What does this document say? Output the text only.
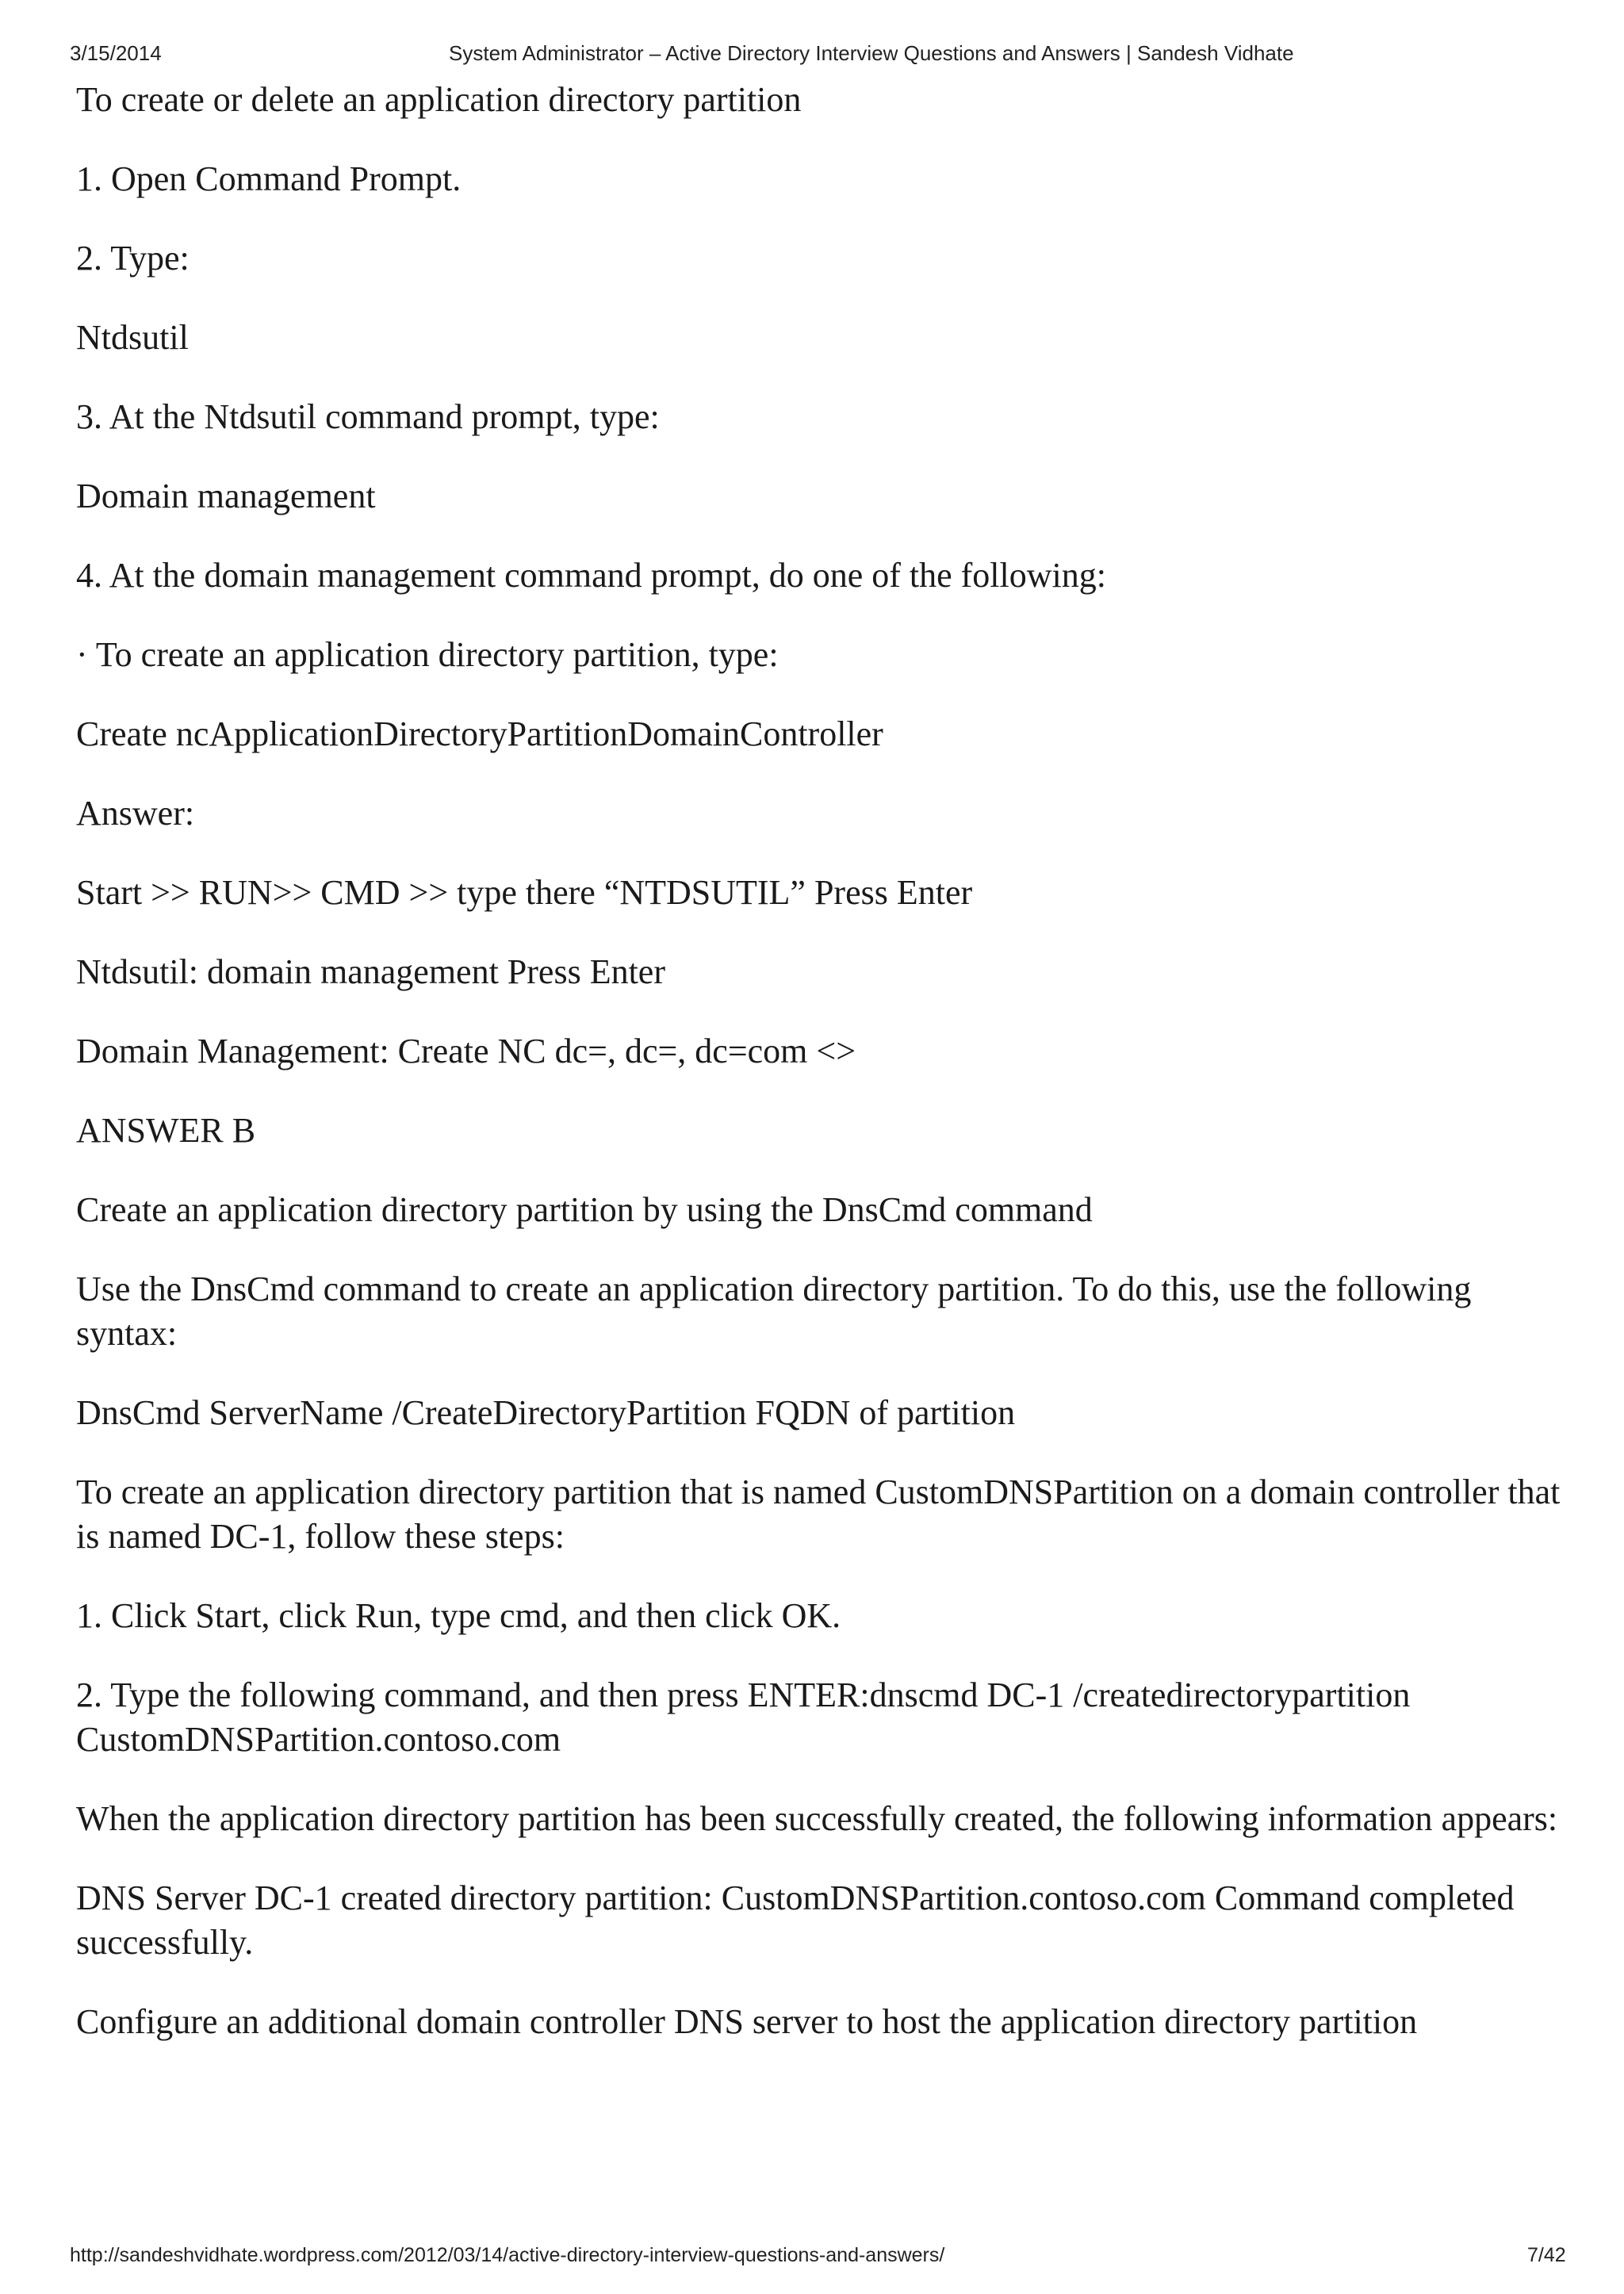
3/15/2014	System Administrator – Active Directory Interview Questions and Answers | Sandesh Vidhate

To create or delete an application directory partition

1. Open Command Prompt.

2. Type:

Ntdsutil

3. At the Ntdsutil command prompt, type:

Domain management

4. At the domain management command prompt, do one of the following:

· To create an application directory partition, type:

Create ncApplicationDirectoryPartitionDomainController

Answer:

Start >> RUN>> CMD >> type there “NTDSUTIL” Press Enter

Ntdsutil: domain management Press Enter

Domain Management: Create NC dc=, dc=, dc=com <>

ANSWER B

Create an application directory partition by using the DnsCmd command

Use the DnsCmd command to create an application directory partition. To do this, use the following syntax:

DnsCmd ServerName /CreateDirectoryPartition FQDN of partition

To create an application directory partition that is named CustomDNSPartition on a domain controller that is named DC-1, follow these steps:

1. Click Start, click Run, type cmd, and then click OK.

2. Type the following command, and then press ENTER:dnscmd DC-1 /createdirectorypartition CustomDNSPartition.contoso.com

When the application directory partition has been successfully created, the following information appears:

DNS Server DC-1 created directory partition: CustomDNSPartition.contoso.com Command completed successfully.

Configure an additional domain controller DNS server to host the application directory partition

http://sandeshvidhate.wordpress.com/2012/03/14/active-directory-interview-questions-and-answers/	7/42
